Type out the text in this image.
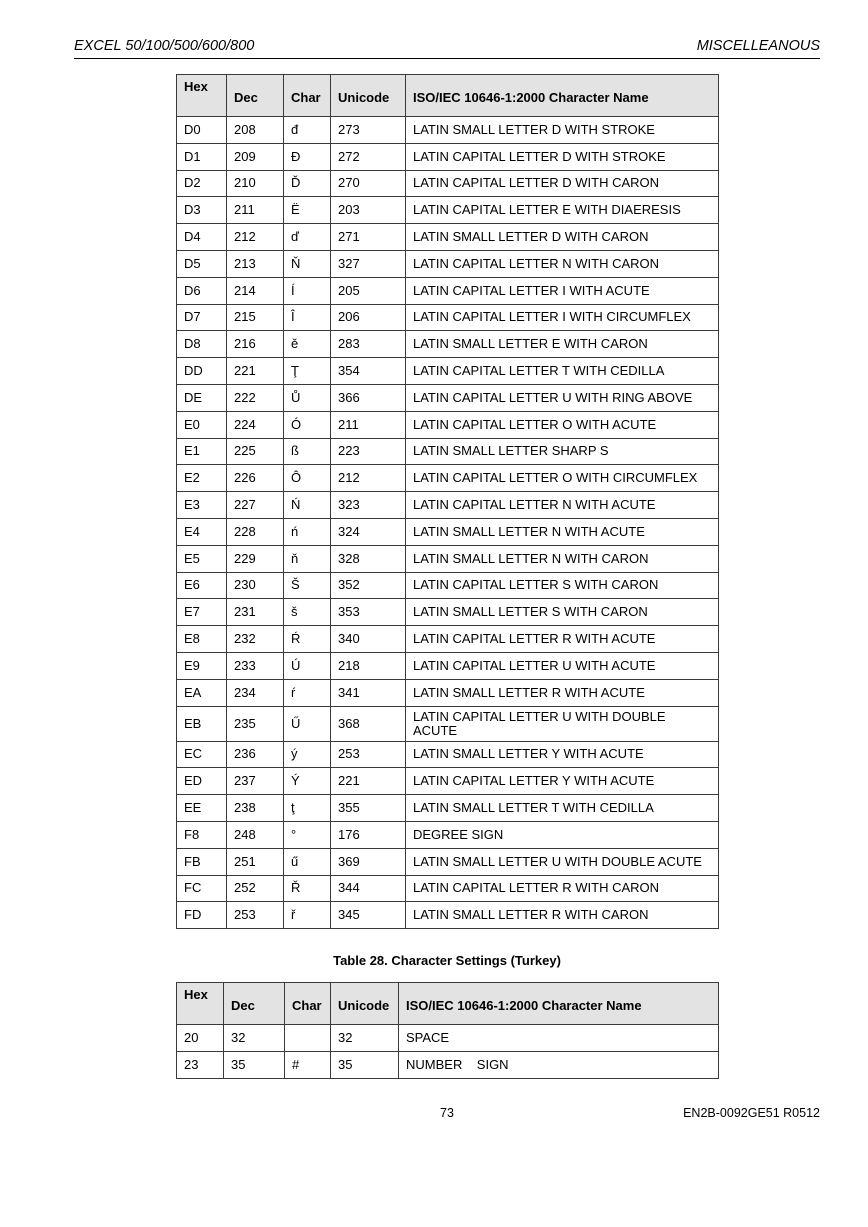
EXCEL 50/100/500/600/800	MISCELLEANOUS
Hex	Dec	Char	Unicode	ISO/IEC 10646-1:2000 Character Name
D0	208	đ	273	LATIN SMALL LETTER D WITH STROKE
D1	209	Đ	272	LATIN CAPITAL LETTER D WITH STROKE
D2	210	Ď	270	LATIN CAPITAL LETTER D WITH CARON
D3	211	Ë	203	LATIN CAPITAL LETTER E WITH DIAERESIS
D4	212	ď	271	LATIN SMALL LETTER D WITH CARON
D5	213	Ň	327	LATIN CAPITAL LETTER N WITH CARON
D6	214	Í	205	LATIN CAPITAL LETTER I WITH ACUTE
D7	215	Î	206	LATIN CAPITAL LETTER I WITH CIRCUMFLEX
D8	216	ě	283	LATIN SMALL LETTER E WITH CARON
DD	221	Ţ	354	LATIN CAPITAL LETTER T WITH CEDILLA
DE	222	Ů	366	LATIN CAPITAL LETTER U WITH RING ABOVE
E0	224	Ó	211	LATIN CAPITAL LETTER O WITH ACUTE
E1	225	ß	223	LATIN SMALL LETTER SHARP S
E2	226	Ô	212	LATIN CAPITAL LETTER O WITH CIRCUMFLEX
E3	227	Ń	323	LATIN CAPITAL LETTER N WITH ACUTE
E4	228	ń	324	LATIN SMALL LETTER N WITH ACUTE
E5	229	ň	328	LATIN SMALL LETTER N WITH CARON
E6	230	Š	352	LATIN CAPITAL LETTER S WITH CARON
E7	231	š	353	LATIN SMALL LETTER S WITH CARON
E8	232	Ŕ	340	LATIN CAPITAL LETTER R WITH ACUTE
E9	233	Ú	218	LATIN CAPITAL LETTER U WITH ACUTE
EA	234	ŕ	341	LATIN SMALL LETTER R WITH ACUTE
EB	235	Ű	368	LATIN CAPITAL LETTER U WITH DOUBLE ACUTE
EC	236	ý	253	LATIN SMALL LETTER Y WITH ACUTE
ED	237	Ý	221	LATIN CAPITAL LETTER Y WITH ACUTE
EE	238	ţ	355	LATIN SMALL LETTER T WITH CEDILLA
F8	248	°	176	DEGREE SIGN
FB	251	ű	369	LATIN SMALL LETTER U WITH DOUBLE ACUTE
FC	252	Ř	344	LATIN CAPITAL LETTER R WITH CARON
FD	253	ř	345	LATIN SMALL LETTER R WITH CARON
Table 28. Character Settings (Turkey)
Hex	Dec	Char	Unicode	ISO/IEC 10646-1:2000 Character Name
20	32		32	SPACE
23	35	#	35	NUMBER    SIGN
73	EN2B-0092GE51 R0512
